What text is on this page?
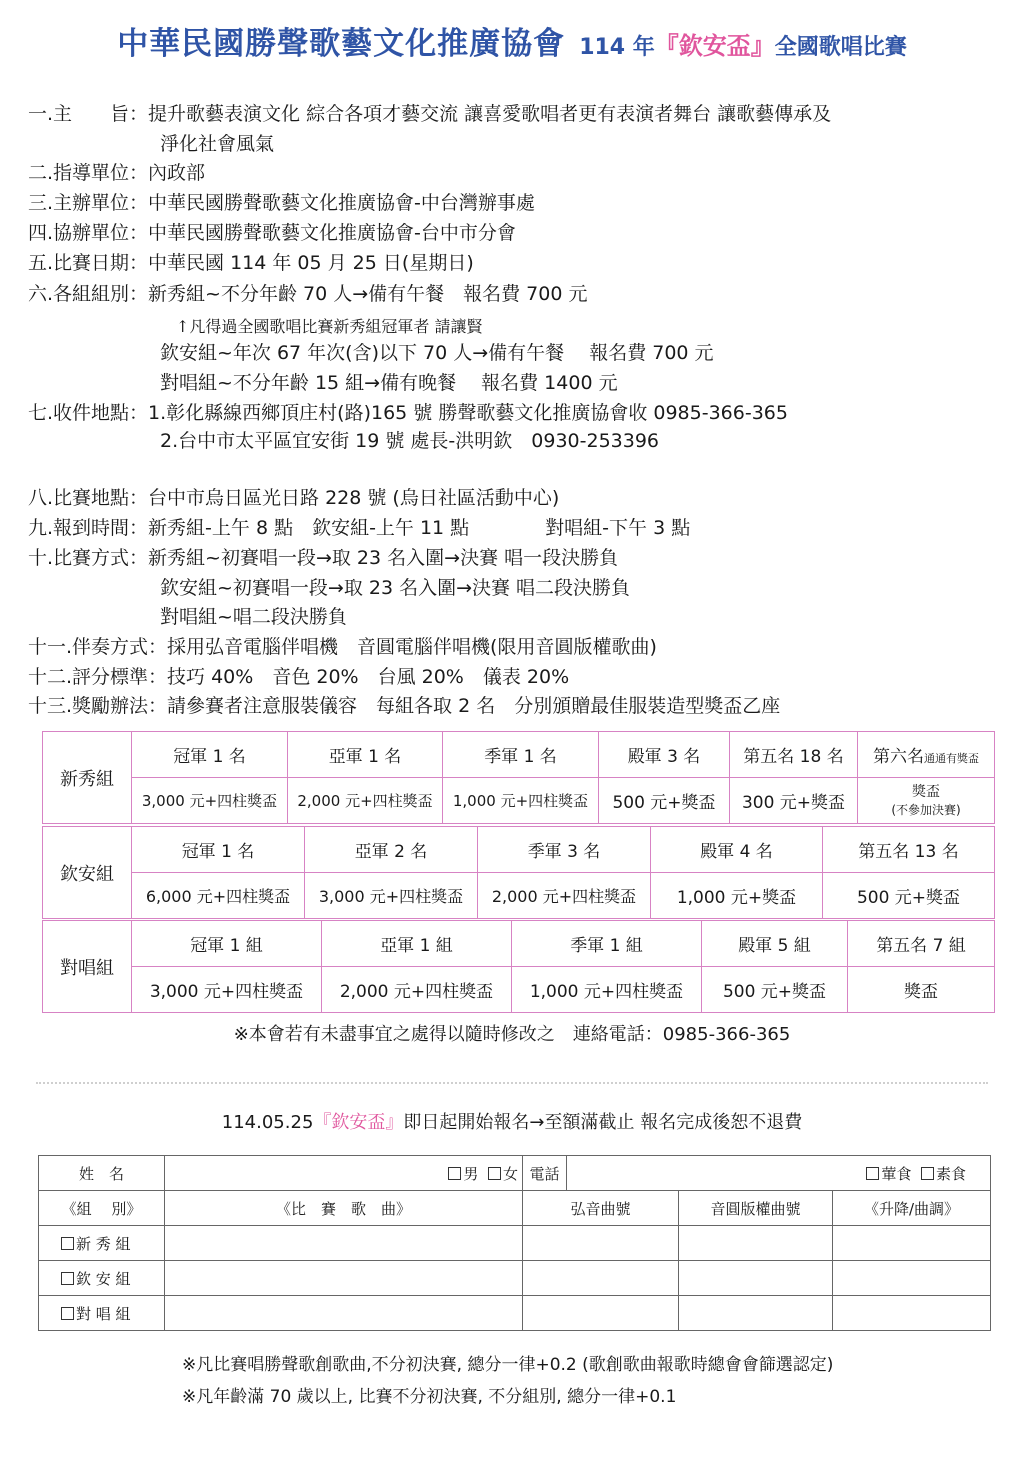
中華民國勝聲歌藝文化推廣協會 114 年『欽安盃』全國歌唱比賽
一.主　　旨：提升歌藝表演文化 綜合各項才藝交流 讓喜愛歌唱者更有表演者舞台 讓歌藝傳承及
淨化社會風氣
二.指導單位：內政部
三.主辦單位：中華民國勝聲歌藝文化推廣協會-中台灣辦事處
四.協辦單位：中華民國勝聲歌藝文化推廣協會-台中市分會
五.比賽日期：中華民國 114 年 05 月 25 日(星期日)
六.各組組別：新秀組~不分年齡 70 人→備有午餐　報名費 700 元
↑凡得過全國歌唱比賽新秀組冠軍者 請讓賢
欽安組~年次 67 年次(含)以下 70 人→備有午餐　 報名費 700 元
對唱組~不分年齡 15 組→備有晚餐　 報名費 1400 元
七.收件地點：1.彰化縣線西鄉頂庄村(路)165 號 勝聲歌藝文化推廣協會收 0985-366-365
2.台中市太平區宜安街 19 號 處長-洪明欽　0930-253396
八.比賽地點：台中市烏日區光日路 228 號 (烏日社區活動中心)
九.報到時間：新秀組-上午 8 點　欽安組-上午 11 點　　　　對唱組-下午 3 點
十.比賽方式：新秀組~初賽唱一段→取 23 名入圍→決賽 唱一段決勝負
欽安組~初賽唱一段→取 23 名入圍→決賽 唱二段決勝負
對唱組~唱二段決勝負
十一.伴奏方式：採用弘音電腦伴唱機　音圓電腦伴唱機(限用音圓版權歌曲)
十二.評分標準：技巧 40%　音色 20%　台風 20%　儀表 20%
十三.獎勵辦法：請參賽者注意服裝儀容　每組各取 2 名　分別頒贈最佳服裝造型獎盃乙座
新秀組	冠軍 1 名	亞軍 1 名	季軍 1 名	殿軍 3 名	第五名 18 名	第六名通通有獎盃
	3,000 元+四柱獎盃	2,000 元+四柱獎盃	1,000 元+四柱獎盃	500 元+獎盃	300 元+獎盃	獎盃
(不參加決賽)
欽安組	冠軍 1 名	亞軍 2 名	季軍 3 名	殿軍 4 名	第五名 13 名
	6,000 元+四柱獎盃	3,000 元+四柱獎盃	2,000 元+四柱獎盃	1,000 元+獎盃	500 元+獎盃
對唱組	冠軍 1 組	亞軍 1 組	季軍 1 組	殿軍 5 組	第五名 7 組
	3,000 元+四柱獎盃	2,000 元+四柱獎盃	1,000 元+四柱獎盃	500 元+獎盃	獎盃
※本會若有未盡事宜之處得以隨時修改之　連絡電話：0985-366-365
114.05.25『欽安盃』即日起開始報名→至額滿截止 報名完成後恕不退費
姓　名		男 女	電話			葷食 素食
《組　 別》	《比　賽　歌　曲》		弘音曲號		音圓版權曲號	《升降/曲調》
新 秀 組						
欽 安 組						
對 唱 組						
※凡比賽唱勝聲歌創歌曲,不分初決賽, 總分一律+0.2 (歌創歌曲報歌時總會會篩選認定)
※凡年齡滿 70 歲以上, 比賽不分初決賽, 不分組別, 總分一律+0.1
